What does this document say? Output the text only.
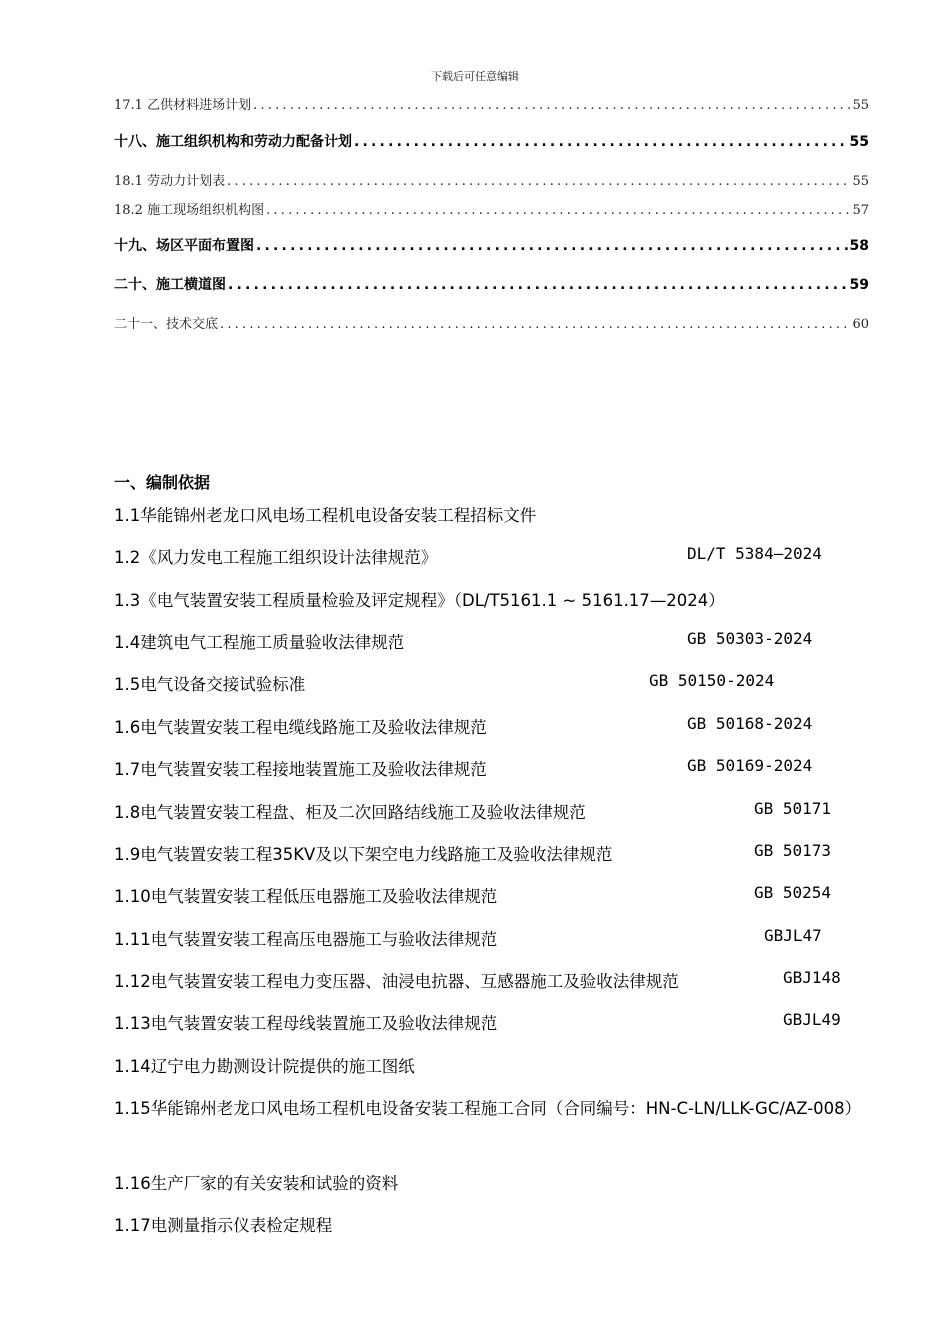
下载后可任意编辑
17.1 乙供材料进场计划 .....	55
十八、施工组织机构和劳动力配备计划 .....	55
18.1 劳动力计划表 .....	55
18.2 施工现场组织机构图 .....	57
十九、场区平面布置图 .....	58
二十、施工横道图 .....	59
二十一、技术交底 .....	60
一、编制依据
1.1华能锦州老龙口风电场工程机电设备安装工程招标文件
1.2《风力发电工程施工组织设计法律规范》	DL/T 5384—2024
1.3《电气装置安装工程质量检验及评定规程》（DL/T5161.1 ~ 5161.17—2024）
1.4建筑电气工程施工质量验收法律规范	GB 50303-2024
1.5电气设备交接试验标准	GB 50150-2024
1.6电气装置安装工程电缆线路施工及验收法律规范	GB 50168-2024
1.7电气装置安装工程接地装置施工及验收法律规范	GB 50169-2024
1.8电气装置安装工程盘、柜及二次回路结线施工及验收法律规范	GB 50171
1.9电气装置安装工程35KV及以下架空电力线路施工及验收法律规范	GB 50173
1.10电气装置安装工程低压电器施工及验收法律规范	GB 50254
1.11电气装置安装工程高压电器施工与验收法律规范	GBJL47
1.12电气装置安装工程电力变压器、油浸电抗器、互感器施工及验收法律规范	GBJ148
1.13电气装置安装工程母线装置施工及验收法律规范	GBJL49
1.14辽宁电力勘测设计院提供的施工图纸
1.15华能锦州老龙口风电场工程机电设备安装工程施工合同（合同编号：HN-C-LN/LLK-GC/AZ-008）
1.16生产厂家的有关安装和试验的资料
1.17电测量指示仪表检定规程
